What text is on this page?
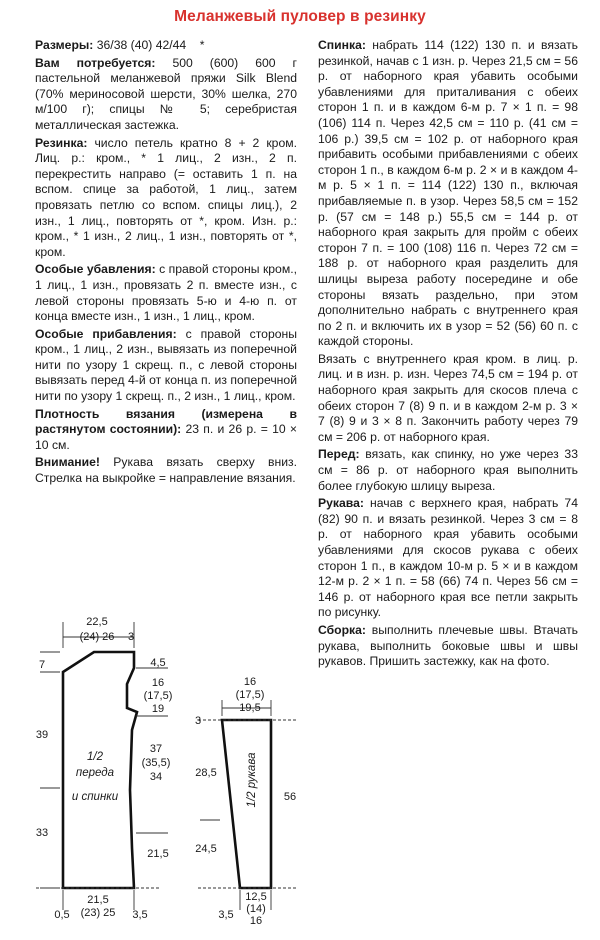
Меланжевый пуловер в резинку

Размеры: 36/38 (40) 42/44 *

Вам потребуется: 500 (600) 600 г пастельной меланжевой пряжи Silk Blend (70% мериносовой шерсти, 30% шелка, 270 м/100 г); спицы № 5; серебристая металлическая застежка.

Резинка: число петель кратно 8 + 2 кром. Лиц. р.: кром., * 1 лиц., 2 изн., 2 п. перекрестить направо (= оставить 1 п. на вспом. спице за работой, 1 лиц., затем провязать петлю со вспом. спицы лиц.), 2 изн., 1 лиц., повторять от *, кром. Изн. р.: кром., * 1 изн., 2 лиц., 1 изн., повторять от *, кром.

Особые убавления: с правой стороны кром., 1 лиц., 1 изн., провязать 2 п. вместе изн., с левой стороны провязать 5-ю и 4-ю п. от конца вместе изн., 1 изн., 1 лиц., кром.

Особые прибавления: с правой стороны кром., 1 лиц., 2 изн., вывязать из поперечной нити по узору 1 скрещ. п., с левой стороны вывязать перед 4-й от конца п. из поперечной нити по узору 1 скрещ. п., 2 изн., 1 лиц., кром.

Плотность вязания (измерена в растянутом состоянии): 23 п. и 26 р. = 10 × 10 см.

Внимание! Рукава вязать сверху вниз. Стрелка на выкройке = направление вязания.

Спинка: набрать 114 (122) 130 п. и вязать резинкой, начав с 1 изн. р. Через 21,5 см = 56 р. от наборного края убавить особыми убавлениями для приталивания с обеих сторон 1 п. и в каждом 6-м р. 7 × 1 п. = 98 (106) 114 п. Через 42,5 см = 110 р. (41 см = 106 р.) 39,5 см = 102 р. от наборного края прибавить особыми прибавлениями с обеих сторон 1 п., в каждом 6-м р. 2 × и в каждом 4-м р. 5 × 1 п. = 114 (122) 130 п., включая прибавляемые п. в узор. Через 58,5 см = 152 р. (57 см = 148 р.) 55,5 см = 144 р. от наборного края закрыть для пройм с обеих сторон 7 п. = 100 (108) 116 п. Через 72 см = 188 р. от наборного края разделить для шлицы выреза работу посередине и обе стороны вязать раздельно, при этом дополнительно набрать с внутреннего края по 2 п. и включить их в узор = 52 (56) 60 п. с каждой стороны.

Вязать с внутреннего края кром. в лиц. р. лиц. и в изн. р. изн. Через 74,5 см = 194 р. от наборного края закрыть для скосов плеча с обеих сторон 7 (8) 9 п. и в каждом 2-м р. 3 × 7 (8) 9 и 3 × 8 п. Закончить работу через 79 см = 206 р. от наборного края.

Перед: вязать, как спинку, но уже через 33 см = 86 р. от наборного края выполнить более глубокую шлицу выреза.

Рукава: начав с верхнего края, набрать 74 (82) 90 п. и вязать резинкой. Через 3 см = 8 р. от наборного края убавить особыми убавлениями для скосов рукава с обеих сторон 1 п., в каждом 10-м р. 5 × и в каждом 12-м р. 2 × 1 п. = 58 (66) 74 п. Через 56 см = 146 р. от наборного края все петли закрыть по рисунку.

Сборка: выполнить плечевые швы. Втачать рукава, выполнить боковые швы и швы рукавов. Пришить застежку, как на фото.

1/2
переда
и спинки	1/2 рукава
22,5
(24) 26 3
7	4,5
16
(17,5)
19
39
37
(35,5)
34
33
21,5
21,5
(23) 25
0,5	3,5
16
(17,5)
19,5
3
28,5
24,5
56
12,5
(14)
16
3,5
